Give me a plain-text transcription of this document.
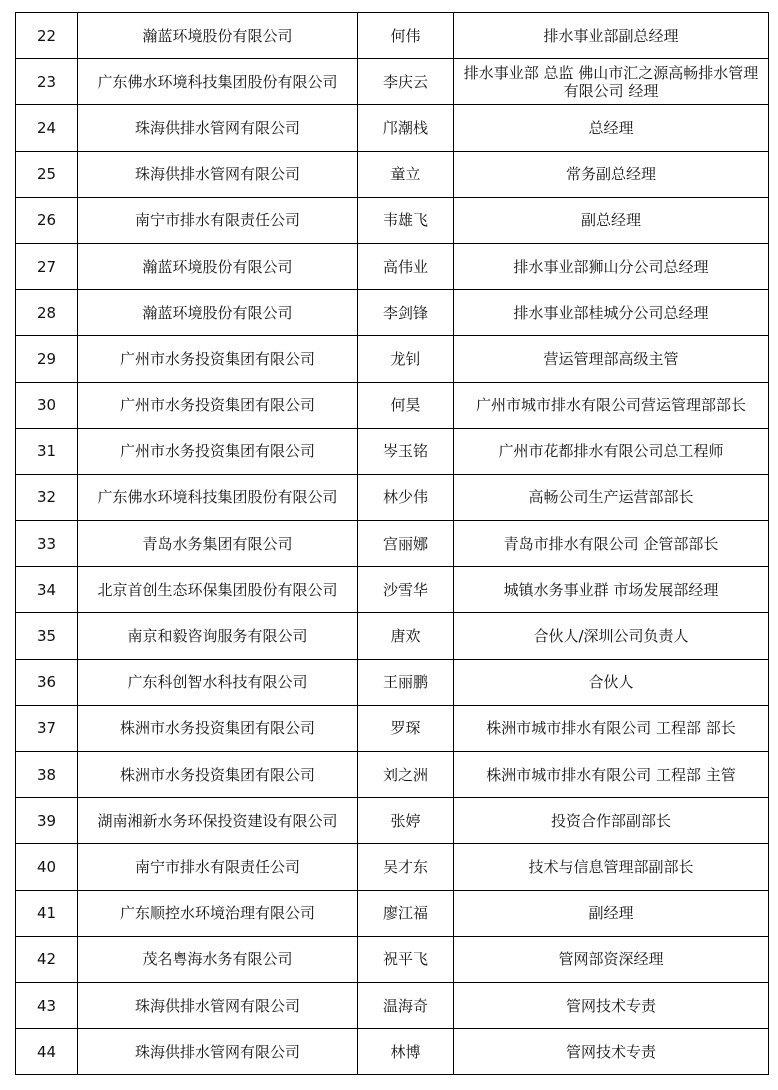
22	瀚蓝环境股份有限公司	何伟	排水事业部副总经理
23	广东佛水环境科技集团股份有限公司	李庆云	排水事业部 总监 佛山市汇之源高畅排水管理有限公司 经理
24	珠海供排水管网有限公司	邝潮栈	总经理
25	珠海供排水管网有限公司	童立	常务副总经理
26	南宁市排水有限责任公司	韦雄飞	副总经理
27	瀚蓝环境股份有限公司	高伟业	排水事业部狮山分公司总经理
28	瀚蓝环境股份有限公司	李剑锋	排水事业部桂城分公司总经理
29	广州市水务投资集团有限公司	龙钊	营运管理部高级主管
30	广州市水务投资集团有限公司	何昊	广州市城市排水有限公司营运管理部部长
31	广州市水务投资集团有限公司	岑玉铭	广州市花都排水有限公司总工程师
32	广东佛水环境科技集团股份有限公司	林少伟	高畅公司生产运营部部长
33	青岛水务集团有限公司	宫丽娜	青岛市排水有限公司 企管部部长
34	北京首创生态环保集团股份有限公司	沙雪华	城镇水务事业群 市场发展部经理
35	南京和毅咨询服务有限公司	唐欢	合伙人/深圳公司负责人
36	广东科创智水科技有限公司	王丽鹏	合伙人
37	株洲市水务投资集团有限公司	罗琛	株洲市城市排水有限公司 工程部 部长
38	株洲市水务投资集团有限公司	刘之洲	株洲市城市排水有限公司 工程部 主管
39	湖南湘新水务环保投资建设有限公司	张婷	投资合作部副部长
40	南宁市排水有限责任公司	吴才东	技术与信息管理部副部长
41	广东顺控水环境治理有限公司	廖江福	副经理
42	茂名粤海水务有限公司	祝平飞	管网部资深经理
43	珠海供排水管网有限公司	温海奇	管网技术专责
44	珠海供排水管网有限公司	林博	管网技术专责
